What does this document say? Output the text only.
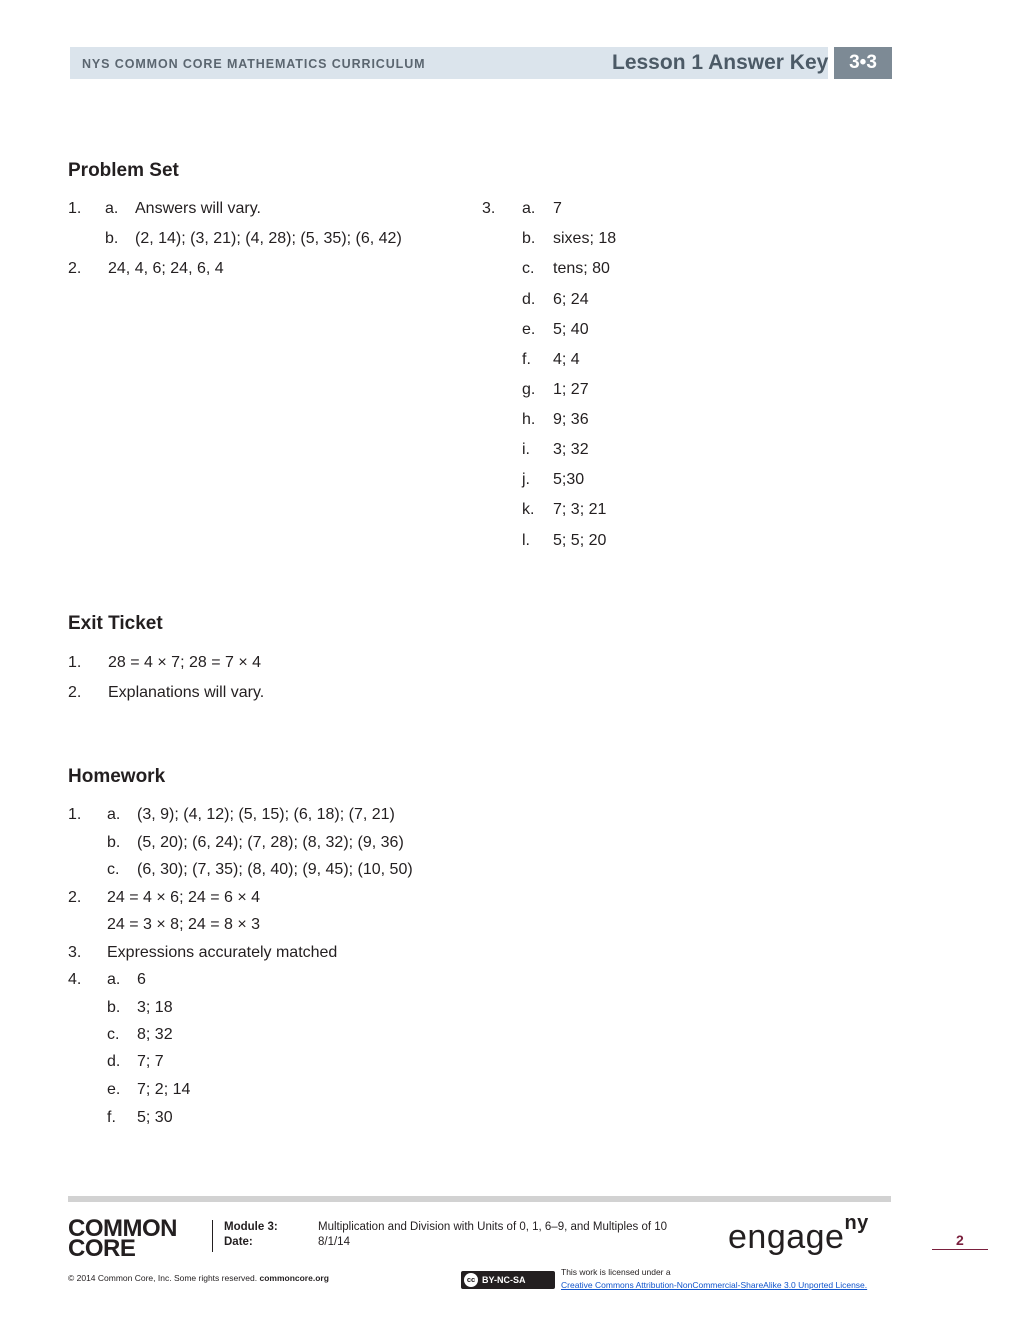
NYS COMMON CORE MATHEMATICS CURRICULUM	Lesson 1 Answer Key	3•3
Problem Set
1. a. Answers will vary.
b. (2, 14); (3, 21); (4, 28); (5, 35); (6, 42)
2. 24, 4, 6; 24, 6, 4
3. a. 7
b. sixes; 18
c. tens; 80
d. 6; 24
e. 5; 40
f. 4; 4
g. 1; 27
h. 9; 36
i. 3; 32
j. 5;30
k. 7; 3; 21
l. 5; 5; 20
Exit Ticket
1. 28 = 4 × 7; 28 = 7 × 4
2. Explanations will vary.
Homework
1. a. (3, 9); (4, 12); (5, 15); (6, 18); (7, 21)
b. (5, 20); (6, 24); (7, 28); (8, 32); (9, 36)
c. (6, 30); (7, 35); (8, 40); (9, 45); (10, 50)
2. 24 = 4 × 6; 24 = 6 × 4
24 = 3 × 8; 24 = 8 × 3
3. Expressions accurately matched
4. a. 6
b. 3; 18
c. 8; 32
d. 7; 7
e. 7; 2; 14
f. 5; 30
COMMON
CORE
Module 3:	Multiplication and Division with Units of 0, 1, 6–9, and Multiples of 10
Date:	8/1/14	engage$^{ny}$
2
© 2014 Common Core, Inc. Some rights reserved. commoncore.org	cc BY-NC-SA
This work is licensed under a
Creative Commons Attribution-NonCommercial-ShareAlike 3.0 Unported License.
